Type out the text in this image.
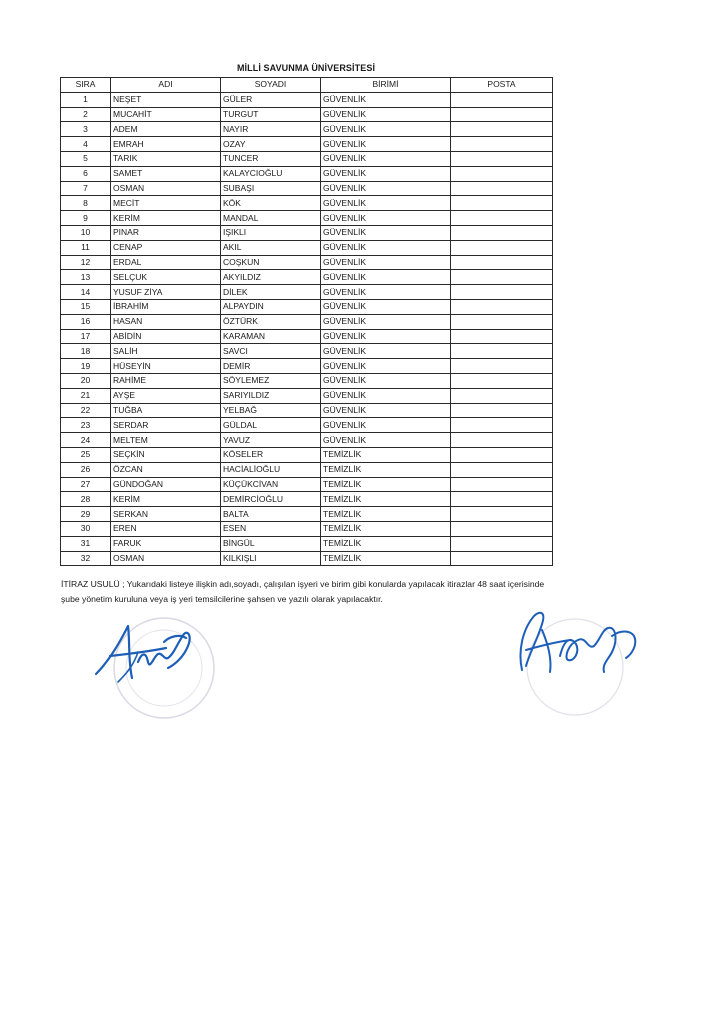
MİLLİ SAVUNMA ÜNİVERSİTESİ
SIRA	ADI	SOYADI	BİRİMİ	POSTA
1	NEŞET	GÜLER	GÜVENLİK	
2	MUCAHİT	TURGUT	GÜVENLİK	
3	ADEM	NAYIR	GÜVENLİK	
4	EMRAH	OZAY	GÜVENLİK	
5	TARIK	TUNCER	GÜVENLİK	
6	SAMET	KALAYCIOĞLU	GÜVENLİK	
7	OSMAN	SUBAŞI	GÜVENLİK	
8	MECİT	KÖK	GÜVENLİK	
9	KERİM	MANDAL	GÜVENLİK	
10	PINAR	IŞIKLI	GÜVENLİK	
11	CENAP	AKIL	GÜVENLİK	
12	ERDAL	COŞKUN	GÜVENLİK	
13	SELÇUK	AKYILDIZ	GÜVENLİK	
14	YUSUF ZİYA	DİLEK	GÜVENLİK	
15	İBRAHİM	ALPAYDIN	GÜVENLİK	
16	HASAN	ÖZTÜRK	GÜVENLİK	
17	ABİDİN	KARAMAN	GÜVENLİK	
18	SALİH	SAVCI	GÜVENLİK	
19	HÜSEYİN	DEMİR	GÜVENLİK	
20	RAHİME	SÖYLEMEZ	GÜVENLİK	
21	AYŞE	SARIYILDIZ	GÜVENLİK	
22	TUĞBA	YELBAĞ	GÜVENLİK	
23	SERDAR	GÜLDAL	GÜVENLİK	
24	MELTEM	YAVUZ	GÜVENLİK	
25	SEÇKİN	KÖSELER	TEMİZLİK	
26	ÖZCAN	HACİALİOĞLU	TEMİZLİK	
27	GÜNDOĞAN	KÜÇÜKCİVAN	TEMİZLİK	
28	KERİM	DEMİRCİOĞLU	TEMİZLİK	
29	SERKAN	BALTA	TEMİZLİK	
30	EREN	ESEN	TEMİZLİK	
31	FARUK	BİNGÜL	TEMİZLİK	
32	OSMAN	KILKIŞLI	TEMİZLİK	
İTİRAZ USULÜ ; Yukarıdaki listeye ilişkin adı,soyadı, çalışılan işyeri ve birim gibi konularda yapılacak itirazlar 48 saat içerisinde
şube yönetim kuruluna veya iş yeri temsilcilerine şahsen ve yazılı olarak yapılacaktır.
